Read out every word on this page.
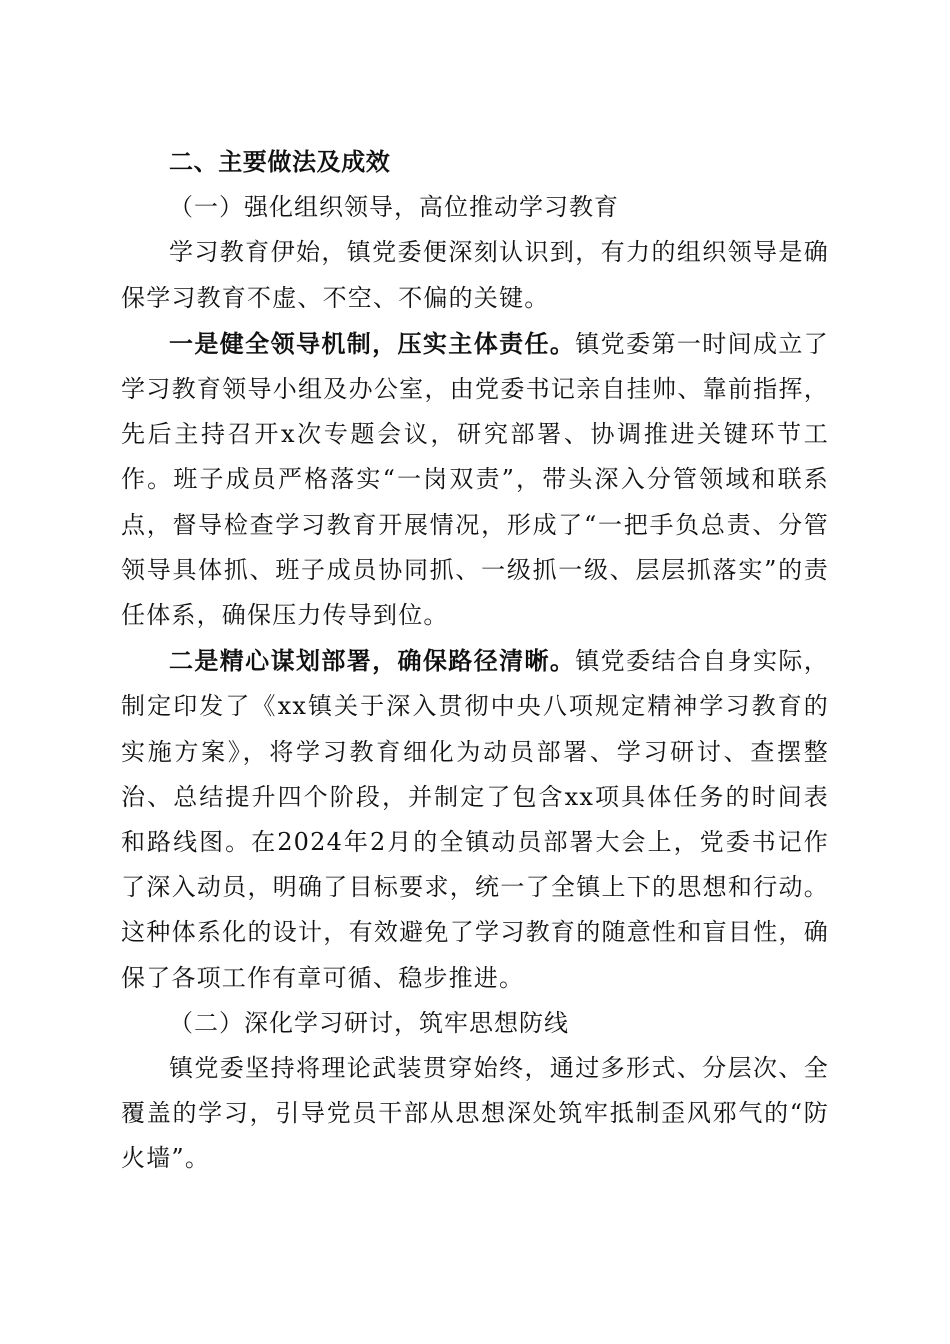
二、主要做法及成效

（一）强化组织领导，高位推动学习教育

学习教育伊始，镇党委便深刻认识到，有力的组织领导是确保学习教育不虚、不空、不偏的关键。

一是健全领导机制，压实主体责任。镇党委第一时间成立了学习教育领导小组及办公室，由党委书记亲自挂帅、靠前指挥，先后主持召开x次专题会议，研究部署、协调推进关键环节工作。班子成员严格落实“一岗双责”，带头深入分管领域和联系点，督导检查学习教育开展情况，形成了“一把手负总责、分管领导具体抓、班子成员协同抓、一级抓一级、层层抓落实”的责任体系，确保压力传导到位。

二是精心谋划部署，确保路径清晰。镇党委结合自身实际，制定印发了《xx镇关于深入贯彻中央八项规定精神学习教育的实施方案》，将学习教育细化为动员部署、学习研讨、查摆整治、总结提升四个阶段，并制定了包含xx项具体任务的时间表和路线图。在2024年2月的全镇动员部署大会上，党委书记作了深入动员，明确了目标要求，统一了全镇上下的思想和行动。这种体系化的设计，有效避免了学习教育的随意性和盲目性，确保了各项工作有章可循、稳步推进。

（二）深化学习研讨，筑牢思想防线

镇党委坚持将理论武装贯穿始终，通过多形式、分层次、全覆盖的学习，引导党员干部从思想深处筑牢抵制歪风邪气的“防火墙”。
